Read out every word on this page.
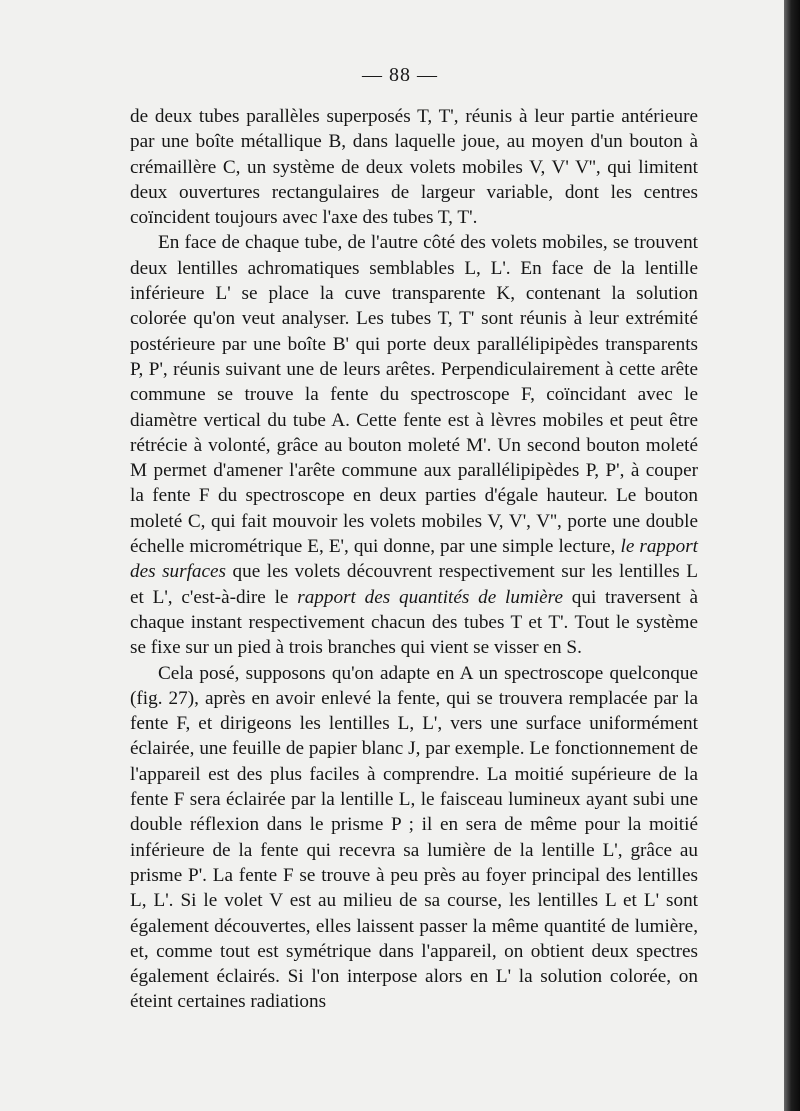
— 88 —

de deux tubes parallèles superposés T, T', réunis à leur partie antérieure par une boîte métallique B, dans laquelle joue, au moyen d'un bouton à crémaillère C, un système de deux volets mobiles V, V' V'', qui limitent deux ouvertures rectangulaires de largeur variable, dont les centres coïncident toujours avec l'axe des tubes T, T'.

En face de chaque tube, de l'autre côté des volets mobiles, se trouvent deux lentilles achromatiques semblables L, L'. En face de la lentille inférieure L' se place la cuve transparente K, contenant la solution colorée qu'on veut analyser. Les tubes T, T' sont réunis à leur extrémité postérieure par une boîte B' qui porte deux parallélipipèdes transparents P, P', réunis suivant une de leurs arêtes. Perpendiculairement à cette arête commune se trouve la fente du spectroscope F, coïncidant avec le diamètre vertical du tube A. Cette fente est à lèvres mobiles et peut être rétrécie à volonté, grâce au bouton moleté M'. Un second bouton moleté M permet d'amener l'arête commune aux parallélipipèdes P, P', à couper la fente F du spectroscope en deux parties d'égale hauteur. Le bouton moleté C, qui fait mouvoir les volets mobiles V, V', V'', porte une double échelle micrométrique E, E', qui donne, par une simple lecture, le rapport des surfaces que les volets découvrent respectivement sur les lentilles L et L', c'est-à-dire le rapport des quantités de lumière qui traversent à chaque instant respectivement chacun des tubes T et T'. Tout le système se fixe sur un pied à trois branches qui vient se visser en S.

Cela posé, supposons qu'on adapte en A un spectroscope quelconque (fig. 27), après en avoir enlevé la fente, qui se trouvera remplacée par la fente F, et dirigeons les lentilles L, L', vers une surface uniformément éclairée, une feuille de papier blanc J, par exemple. Le fonctionnement de l'appareil est des plus faciles à comprendre. La moitié supérieure de la fente F sera éclairée par la lentille L, le faisceau lumineux ayant subi une double réflexion dans le prisme P ; il en sera de même pour la moitié inférieure de la fente qui recevra sa lumière de la lentille L', grâce au prisme P'. La fente F se trouve à peu près au foyer principal des lentilles L, L'. Si le volet V est au milieu de sa course, les lentilles L et L' sont également découvertes, elles laissent passer la même quantité de lumière, et, comme tout est symétrique dans l'appareil, on obtient deux spectres également éclairés. Si l'on interpose alors en L' la solution colorée, on éteint certaines radiations
